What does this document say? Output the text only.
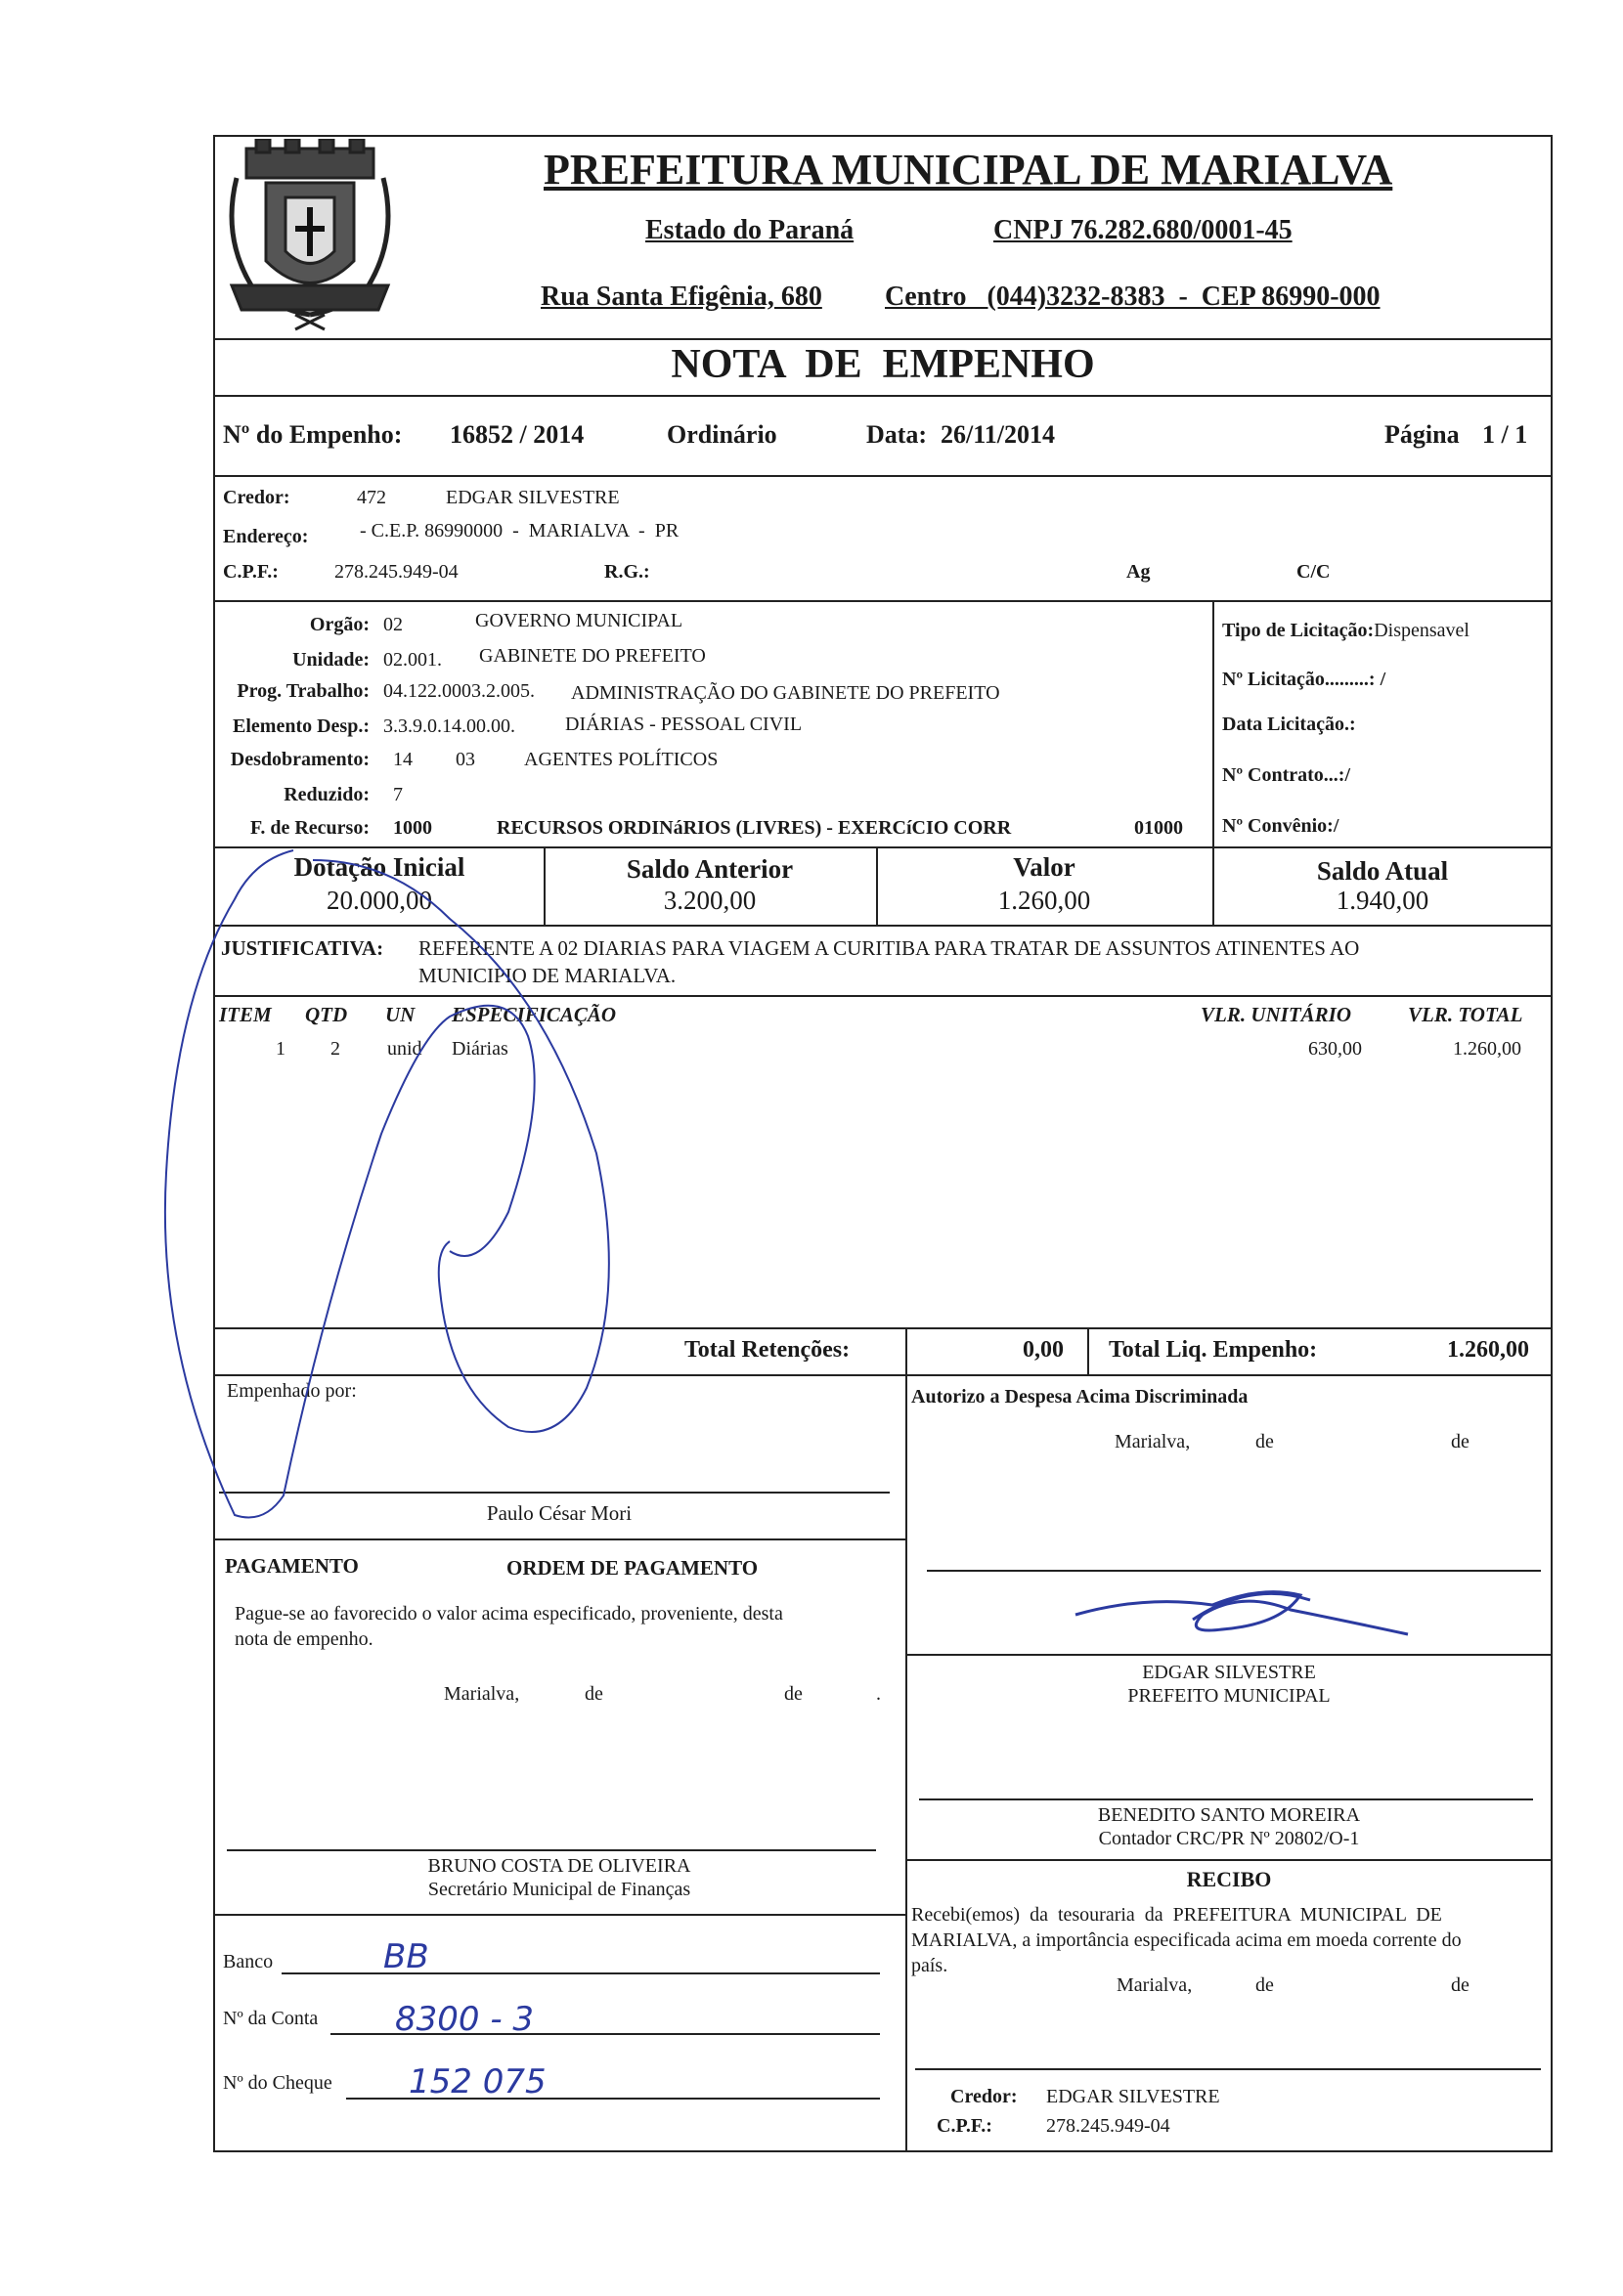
PREFEITURA MUNICIPAL DE MARIALVA
Estado do Paraná	CNPJ 76.282.680/0001-45
Rua Santa Efigênia, 680 Centro   (044)3232-8383  -  CEP 86990-000
NOTA  DE  EMPENHO
Nº do Empenho: 16852 / 2014	Ordinário	Data: 26/11/2014	Página 1 / 1
Credor:	472	EDGAR SILVESTRE
Endereço:	- C.E.P. 86990000  -  MARIALVA  -  PR
C.P.F.:	278.245.949-04	R.G.:	Ag	C/C
Orgão: 02	GOVERNO MUNICIPAL
Unidade: 02.001. GABINETE DO PREFEITO
Prog. Trabalho: 04.122.0003.2.005. ADMINISTRAÇÃO DO GABINETE DO PREFEITO
Elemento Desp.: 3.3.9.0.14.00.00.	DIÁRIAS - PESSOAL CIVIL
Desdobramento: 14 03	AGENTES POLÍTICOS
Reduzido: 7
F. de Recurso: 1000	RECURSOS ORDINáRIOS (LIVRES) - EXERCíCIO CORR	01000
Tipo de Licitação:Dispensavel
Nº Licitação.........: /
Data Licitação.:
Nº Contrato...:/
Nº Convênio:/
Dotação Inicial
20.000,00
Saldo Anterior
3.200,00
Valor
1.260,00
Saldo Atual
1.940,00
JUSTIFICATIVA: REFERENTE A 02 DIARIAS PARA VIAGEM A CURITIBA PARA TRATAR DE ASSUNTOS ATINENTES AO
MUNICIPIO DE MARIALVA.
ITEM QTD UN ESPECIFICAÇÃO	VLR. UNITÁRIO	VLR. TOTAL
1 2 unid Diárias	630,00	1.260,00
Total Retenções:	0,00 Total Liq. Empenho:	1.260,00
Empenhado por:
Paulo César Mori
PAGAMENTO	ORDEM DE PAGAMENTO
Pague-se ao favorecido o valor acima especificado, proveniente, desta
nota de empenho.
Marialva,	de	de	.
BRUNO COSTA DE OLIVEIRA
Secretário Municipal de Finanças
Banco	BB
Nº da Conta 8300 - 3
Nº do Cheque 152 075
Autorizo a Despesa Acima Discriminada
Marialva,	de	de
EDGAR SILVESTRE
PREFEITO MUNICIPAL
BENEDITO SANTO MOREIRA
Contador CRC/PR Nº 20802/O-1
RECIBO
Recebi(emos)  da  tesouraria  da  PREFEITURA  MUNICIPAL  DE
MARIALVA, a importância especificada acima em moeda corrente do
país.
Marialva,	de	de
Credor: EDGAR SILVESTRE
C.P.F.:	278.245.949-04
